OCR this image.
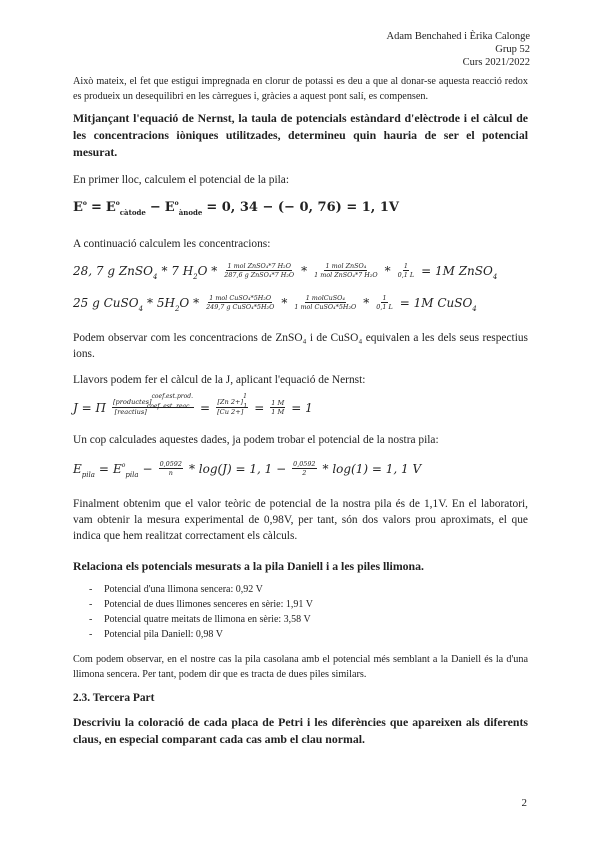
Adam Benchahed i Èrika Calonge
Grup 52
Curs 2021/2022

Això mateix, el fet que estigui impregnada en clorur de potassi es deu a que al donar-se aquesta reacció redox es produeix un desequilibri en les càrregues i, gràcies a aquest pont salí, es compensen.

Mitjançant l'equació de Nernst, la taula de potencials estàndard d'elèctrode i el càlcul de les concentracions iòniques utilitzades, determineu quin hauria de ser el potencial mesurat.

En primer lloc, calculem el potencial de la pila:

$E^o = E^o_{càtode} - E^o_{ànode} = 0$, 34 − (− 0, 76) = 1, 1V

A continuació calculem les concentracions:

28, 7 g ZnSO$_4$ * 7 $H_2O * 1$ mol ZnSO₄*7 H₂O
287,6 g ZnSO₄*7 H₂O *	1 mol ZnSO₄
1 mol ZnSO₄*7 $H_2O * \frac{1}{0,1 L} = 1M$ ZnSO$_4$
25 g CuSO$_4$ * $5H_2O * 1$ mol CuSO₄*5H₂O
249,7 g CuSO₄*5H₂O *	1 molCuSO₄
1 mol CuSO₄*5H₂O * $\frac{1}{0,1 L} = 1M$ CuSO$_4$

Podem observar com les concentracions de ZnSO₄ i de CuSO₄ equivalen a les dels seus respectius ions.

Llavors podem fer el càlcul de la J, aplicant l'equació de Nernst:

J = Π [productes]coef.est.prod.
[reactius]coef. est. reac. = $\frac{[Zn 2+]1}{[Cu 2+]1} = \frac{1 M}{1 M} = 1$

Un cop calculades aquestes dades, ja podem trobar el potencial de la nostra pila:

$E_{pila} = E^o_{pila} - \frac{0,0592}{n} * \log(J) = 1$, $1 - \frac{0,0592}{2} * \log(1) = 1$, 1 V

Finalment obtenim que el valor teòric de potencial de la nostra pila és de 1,1V. En el laboratori, vam obtenir la mesura experimental de 0,98V, per tant, són dos valors prou aproximats, el que indica que hem realitzat correctament els càlculs.

Relaciona els potencials mesurats a la pila Daniell i a les piles llimona.

- Potencial d'una llimona sencera: 0,92 V
- Potencial de dues llimones senceres en sèrie: 1,91 V
- Potencial quatre meitats de llimona en sèrie: 3,58 V
- Potencial pila Daniell: 0,98 V

Com podem observar, en el nostre cas la pila casolana amb el potencial més semblant a la Daniell és la d'una llimona sencera. Per tant, podem dir que es tracta de dues piles similars.

2.3. Tercera Part

Descriviu la coloració de cada placa de Petri i les diferències que apareixen als diferents claus, en especial comparant cada cas amb el clau normal.

2
